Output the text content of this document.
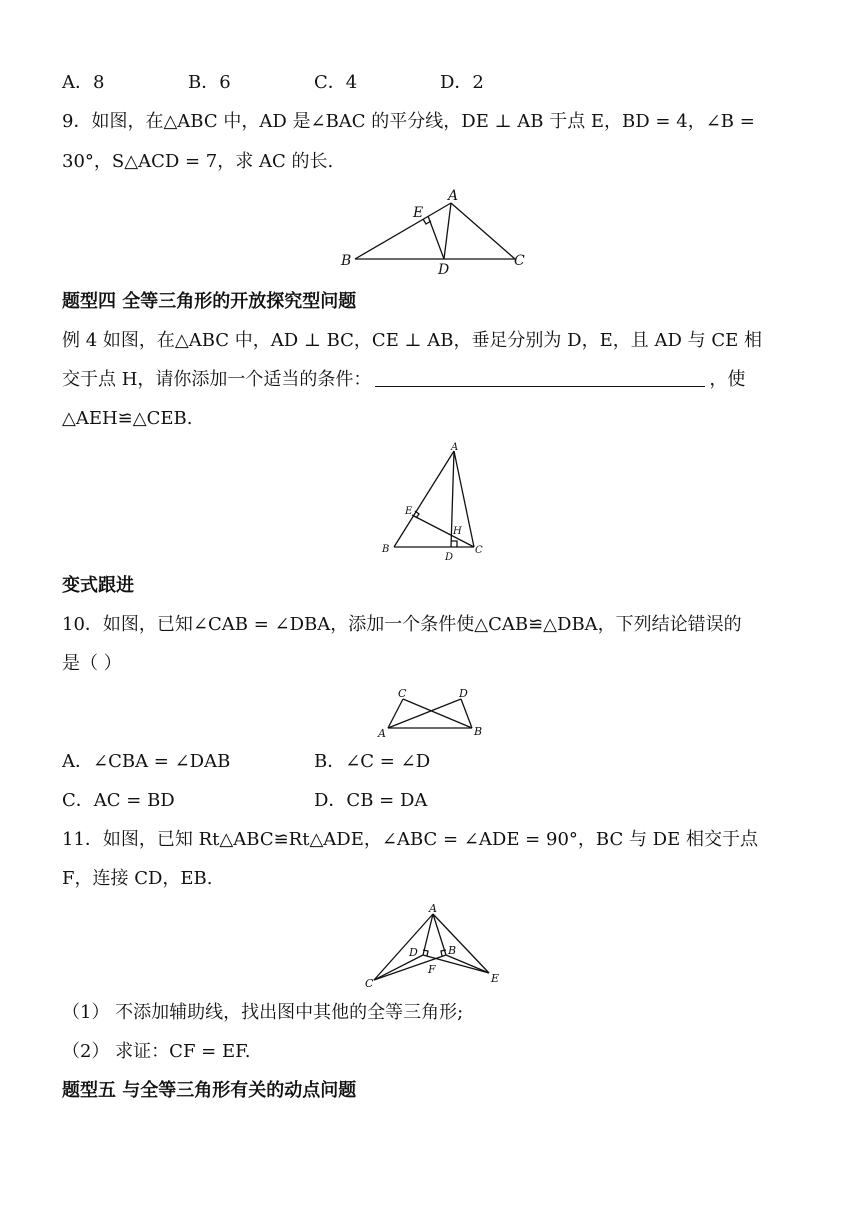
A．8	B．6	C．4	D．2
9．如图，在△ABC 中，AD 是∠BAC 的平分线，DE ⊥ AB 于点 E，BD = 4，∠B =
30°，S△ACD = 7，求 AC 的长.
E
A
B
D
C
题型四 全等三角形的开放探究型问题
例 4 如图，在△ABC 中，AD ⊥ BC，CE ⊥ AB，垂足分别为 D，E，且 AD 与 CE 相
交于点 H，请你添加一个适当的条件：	，使
△AEH≌△CEB.
A
E
H
B
D
C
变式跟进
10．如图，已知∠CAB = ∠DBA，添加一个条件使△CAB≌△DBA，下列结论错误的
是（ ）
C	D
A	B
A．∠CBA = ∠DAB	B．∠C = ∠D
C．AC = BD	D．CB = DA
11．如图，已知 Rt△ABC≌Rt△ADE，∠ABC = ∠ADE = 90°，BC 与 DE 相交于点
F，连接 CD，EB.
A
D	B
F
C	E
（1） 不添加辅助线，找出图中其他的全等三角形;
（2） 求证：CF = EF.
题型五 与全等三角形有关的动点问题
